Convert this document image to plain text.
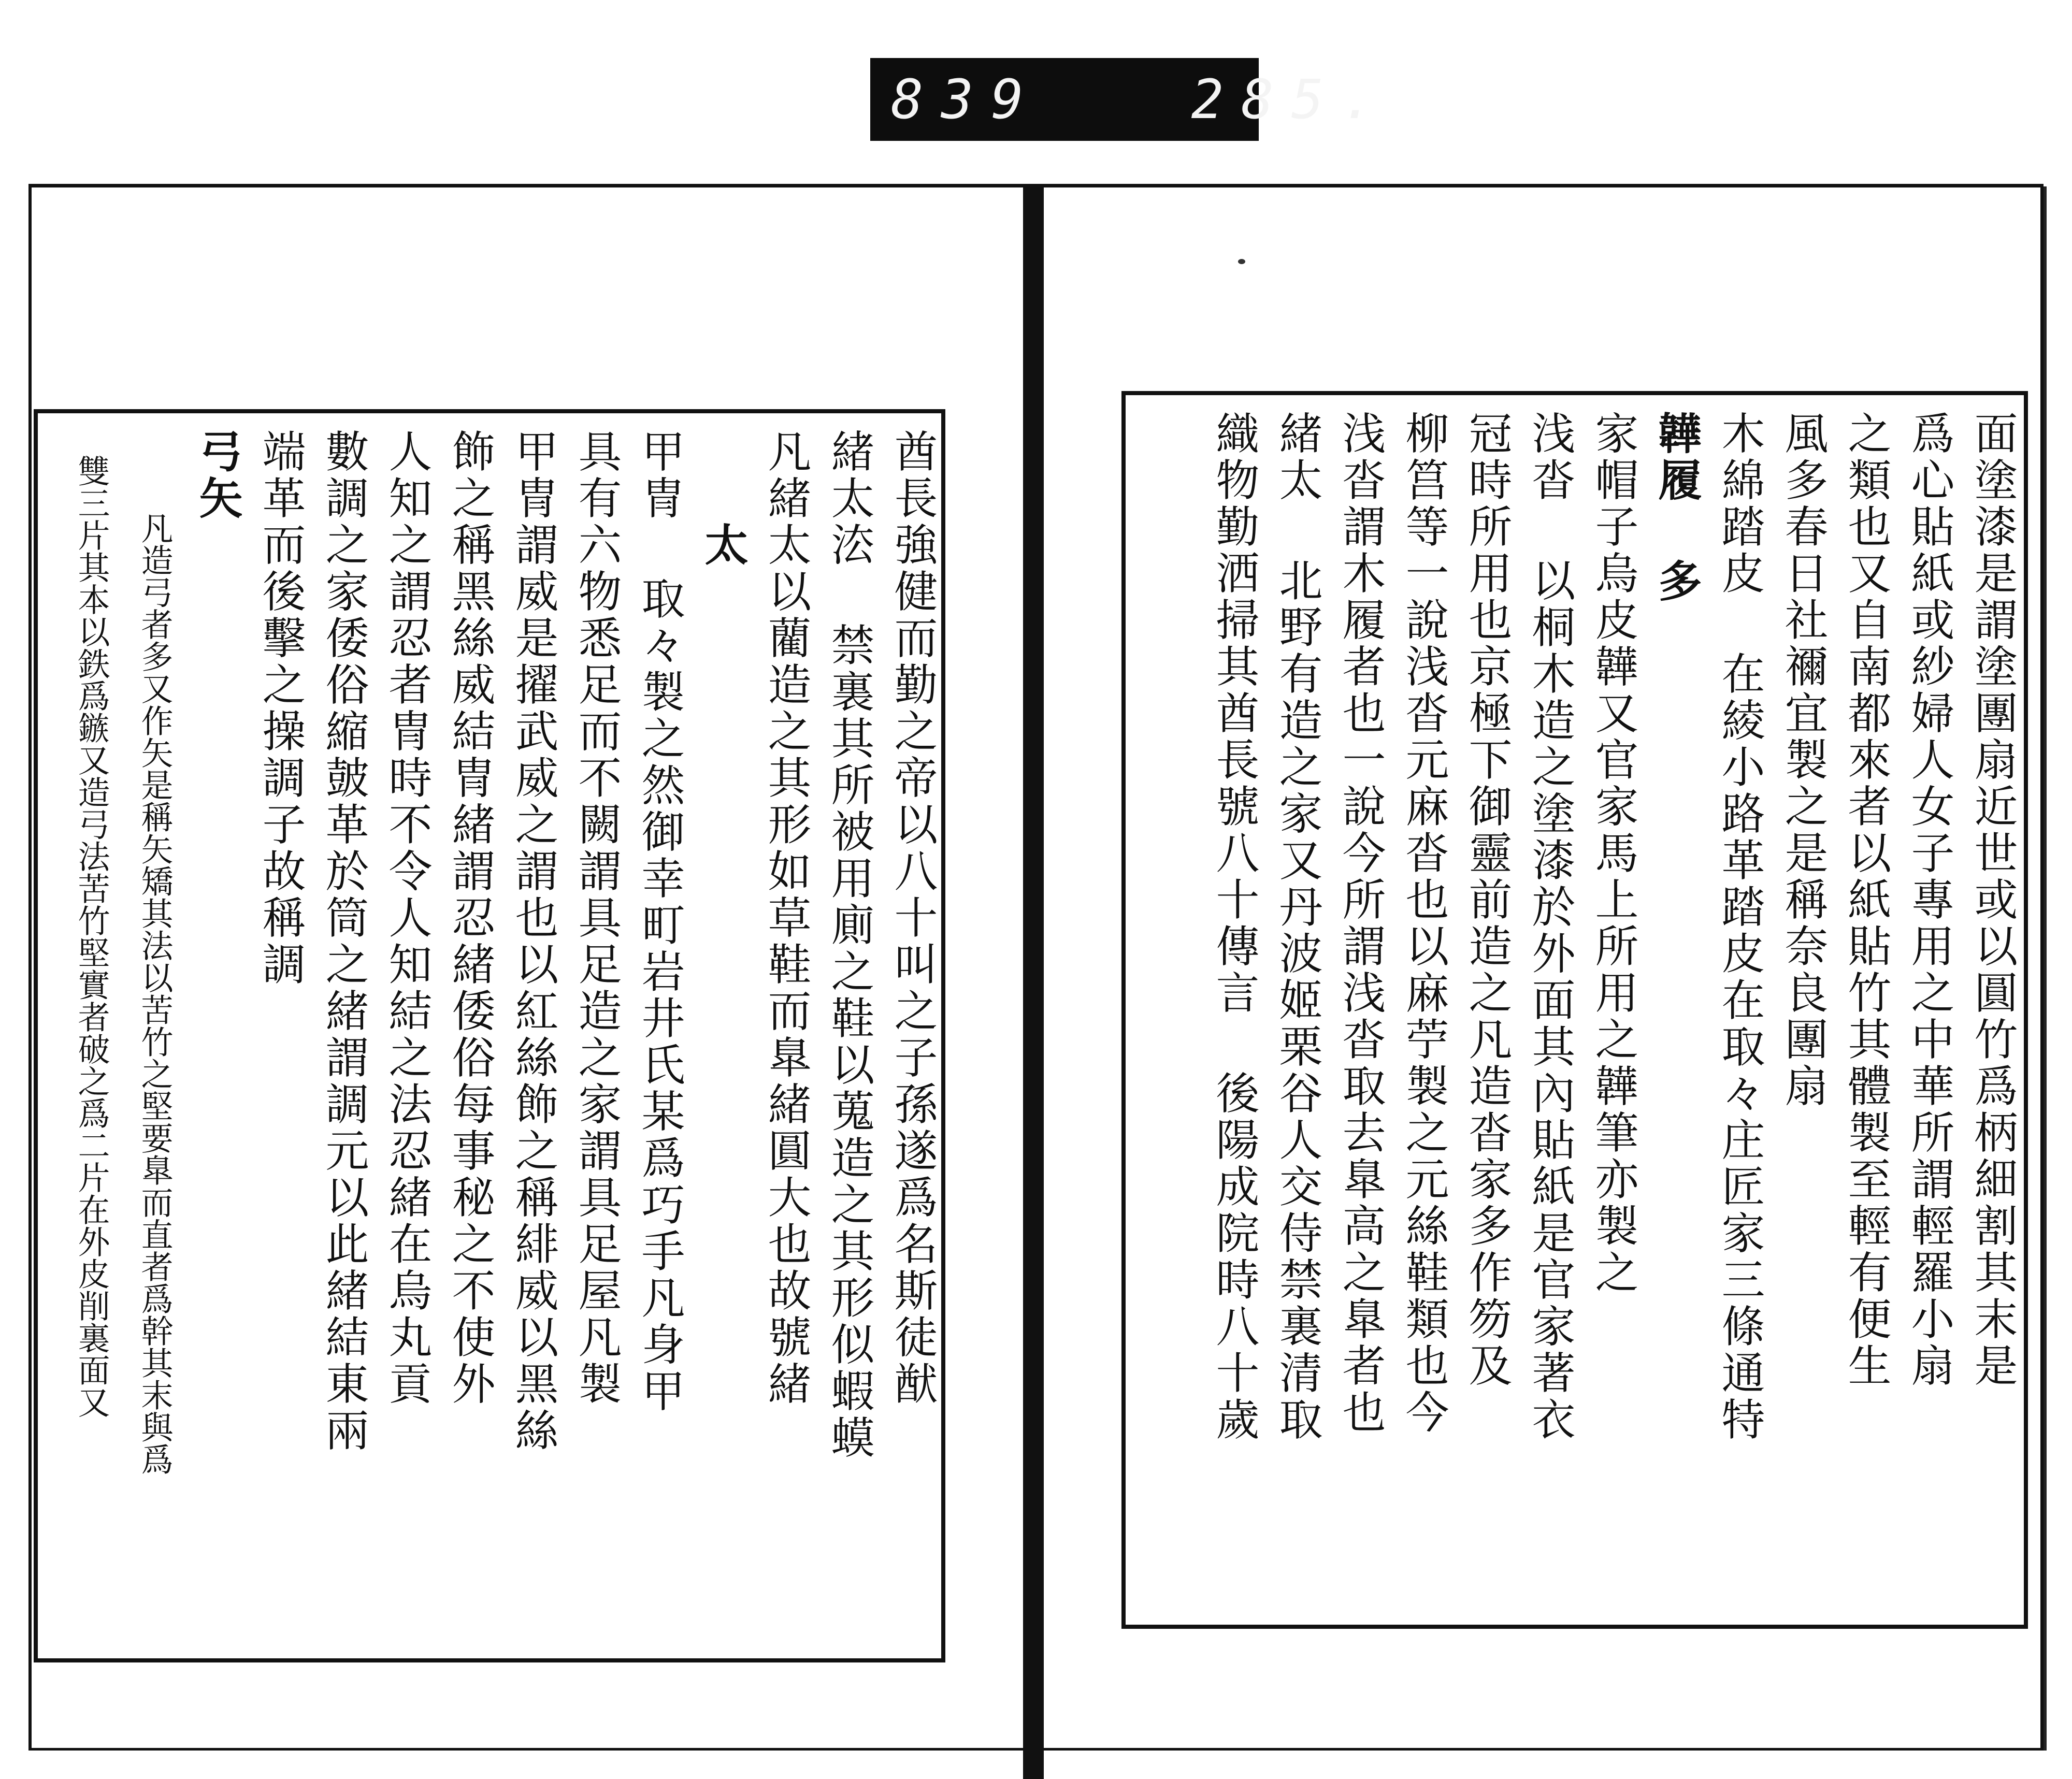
839   285.
酋長強健而勤之帝以八十叫之子孫遂爲名斯徒猷
緒太㳒 禁裏其所被用廁之鞋以蒐造之其形似蝦蟆
凡緒太以藺造之其形如草鞋而臯緒圓大也故號緒
太
甲冑 取々製之然御幸町岩井氏某爲巧手凡身甲
具有六物悉足而不闕謂具足造之家謂具足屋凡製
甲冑謂威是擢武威之謂也以紅絲飾之稱緋威以黑絲
飾之稱黑絲威結冑緒謂忍緒倭俗每事秘之不使外
人知之謂忍者冑時不令人知結之法忍緒在烏丸貢
數調之家倭俗縮皷革於筒之緒謂調元以此緒結東兩
端革而後擊之操調子故稱調
弓矢
凡造弓者多又作矢是稱矢矯其法以苦竹之堅要臯而直者爲幹其末與爲
雙三片其本以鉄爲鏃又造弓法苦竹堅實者破之爲二片在外皮削裏面又	面塗漆是謂塗團扇近世或以圓竹爲柄細割其末是
爲心貼紙或紗婦人女子專用之中華所謂輕羅小扇
之類也又自南都來者以紙貼竹其體製至輕有便生
風多春日社禰宜製之是稱奈良團扇
木綿踏皮 在綾小路革踏皮在取々庄匠家三條通特
韡履 多
家帽子烏皮韡又官家馬上所用之韡筆亦製之
浅沓 以桐木造之塗漆於外面其內貼紙是官家著衣
冠時所用也京極下御靈前造之凡造沓家多作笏及
柳筥等一說浅沓元麻沓也以麻苧製之元絲鞋類也今
浅沓謂木履者也一說今所謂浅沓取去臯高之臯者也
緒太 北野有造之家又丹波姬栗谷人交侍禁裏清取
織物勤洒掃其酋長號八十傳言 後陽成院時八十歲
